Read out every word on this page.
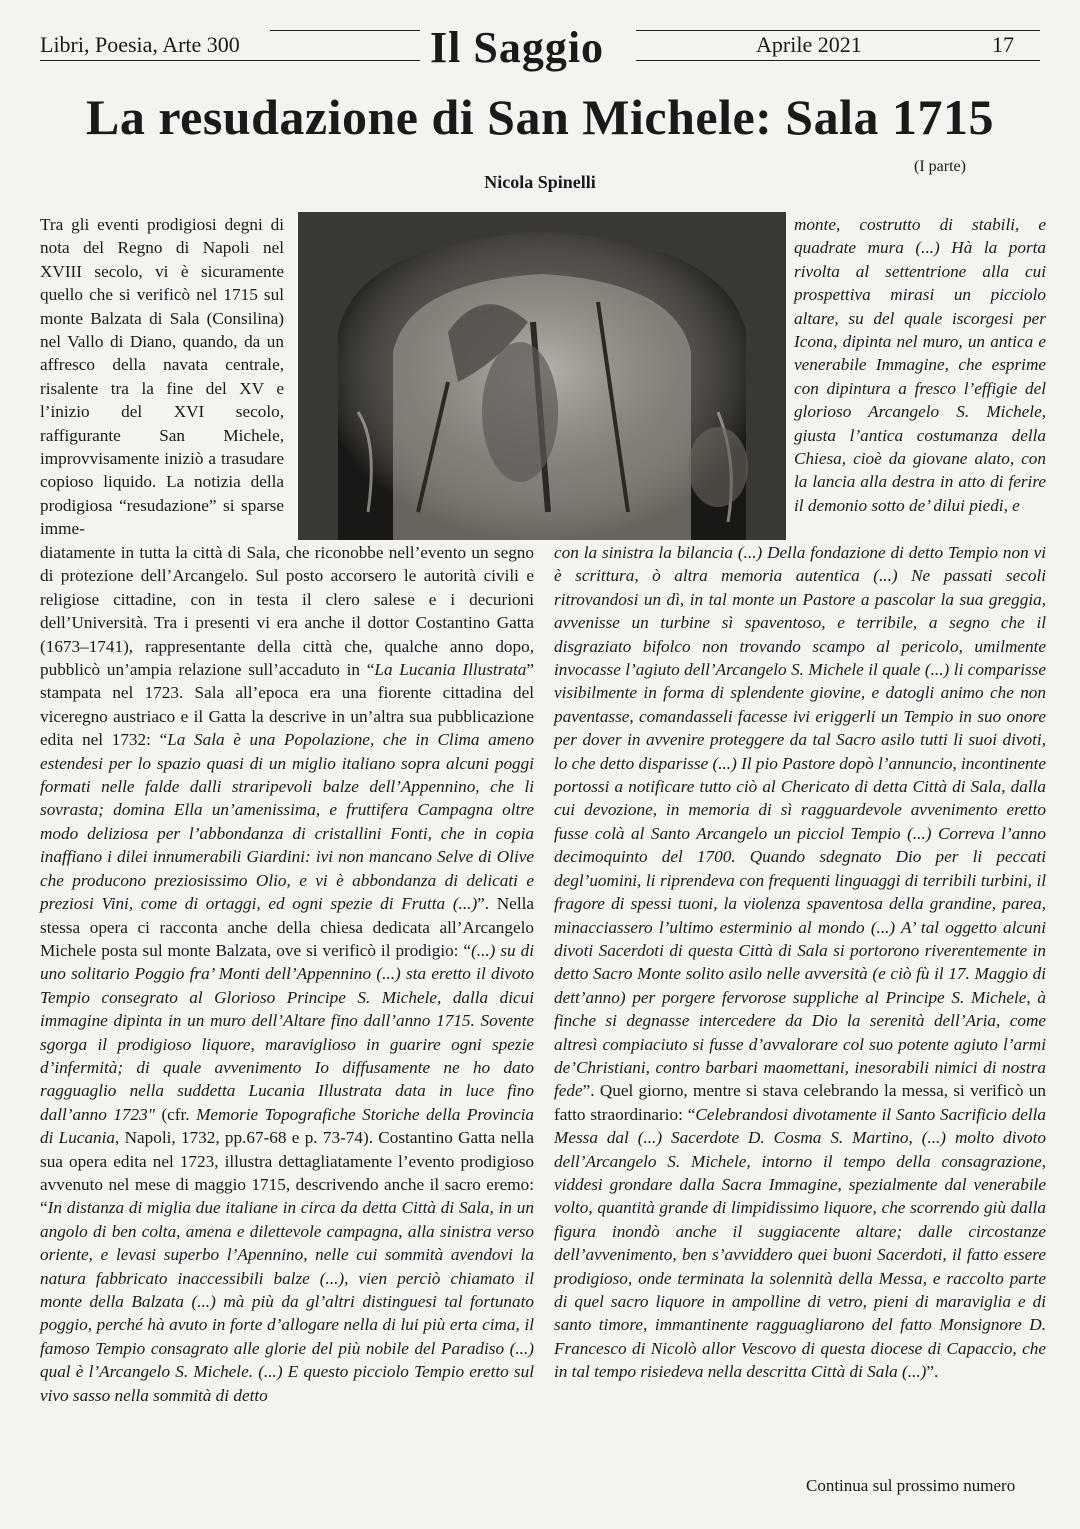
Libri, Poesia, Arte 300	Il Saggio	Aprile 2021	17
La resudazione di San Michele: Sala 1715
(I parte)
Nicola Spinelli

Tra gli eventi prodigiosi degni di nota del Regno di Napoli nel XVIII secolo, vi è sicuramente quello che si verificò nel 1715 sul monte Balzata di Sala (Consilina) nel Vallo di Diano, quando, da un affresco della navata centrale, risalente tra la fine del XV e l’inizio del XVI secolo, raffigurante San Michele, improvvisamente iniziò a trasudare copioso liquido. La notizia della prodigiosa “resudazione” si sparse imme-

monte, costrutto di stabili, e quadrate mura (...) Hà la porta rivolta al settentrione alla cui prospettiva mirasi un picciolo altare, su del quale iscorgesi per Icona, dipinta nel muro, un antica e venerabile Immagine, che esprime con dipintura a fresco l’effigie del glorioso Arcangelo S. Michele, giusta l’antica costumanza della Chiesa, cioè da giovane alato, con la lancia alla destra in atto di ferire il demonio sotto de’ dilui piedi, e

diatamente in tutta la città di Sala, che riconobbe nell’evento un segno di protezione dell’Arcangelo. Sul posto accorsero le autorità civili e religiose cittadine, con in testa il clero salese e i decurioni dell’Università. Tra i presenti vi era anche il dottor Costantino Gatta (1673–1741), rappresentante della città che, qualche anno dopo, pubblicò un’ampia relazione sull’accaduto in “La Lucania Illustrata” stampata nel 1723. Sala all’epoca era una fiorente cittadina del viceregno austriaco e il Gatta la descrive in un’altra sua pubblicazione edita nel 1732: “La Sala è una Popolazione, che in Clima ameno estendesi per lo spazio quasi di un miglio italiano sopra alcuni poggi formati nelle falde dalli straripevoli balze dell’Appennino, che li sovrasta; domina Ella un’amenissima, e fruttifera Campagna oltre modo deliziosa per l’abbondanza di cristallini Fonti, che in copia inaffiano i dilei innumerabili Giardini: ivi non mancano Selve di Olive che producono preziosissimo Olio, e vi è abbondanza di delicati e preziosi Vini, come di ortaggi, ed ogni spezie di Frutta (...)”. Nella stessa opera ci racconta anche della chiesa dedicata all’Arcangelo Michele posta sul monte Balzata, ove si verificò il prodigio: “(...) su di uno solitario Poggio fra’ Monti dell’Appennino (...) sta eretto il divoto Tempio consegrato al Glorioso Principe S. Michele, dalla dicui immagine dipinta in un muro dell’Altare fino dall’anno 1715. Sovente sgorga il prodigioso liquore, maraviglioso in guarire ogni spezie d’infermità; di quale avvenimento Io diffusamente ne ho dato ragguaglio nella suddetta Lucania Illustrata data in luce fino dall’anno 1723" (cfr. Memorie Topografiche Storiche della Provincia di Lucania, Napoli, 1732, pp.67-68 e p. 73-74). Costantino Gatta nella sua opera edita nel 1723, illustra dettagliatamente l’evento prodigioso avvenuto nel mese di maggio 1715, descrivendo anche il sacro eremo: “In distanza di miglia due italiane in circa da detta Città di Sala, in un angolo di ben colta, amena e dilettevole campagna, alla sinistra verso oriente, e levasi superbo l’Apennino, nelle cui sommità avendovi la natura fabbricato inaccessibili balze (...), vien perciò chiamato il monte della Balzata (...) mà più da gl’altri distinguesi tal fortunato poggio, perché hà avuto in forte d’allogare nella di lui più erta cima, il famoso Tempio consagrato alle glorie del più nobile del Paradiso (...) qual è l’Arcangelo S. Michele. (...) E questo picciolo Tempio eretto sul vivo sasso nella sommità di detto

con la sinistra la bilancia (...) Della fondazione di detto Tempio non vi è scrittura, ò altra memoria autentica (...) Ne passati secoli ritrovandosi un dì, in tal monte un Pastore a pascolar la sua greggia, avvenisse un turbine sì spaventoso, e terribile, a segno che il disgraziato bifolco non trovando scampo al pericolo, umilmente invocasse l’agiuto dell’Arcangelo S. Michele il quale (...) li comparisse visibilmente in forma di splendente giovine, e datogli animo che non paventasse, comandasseli facesse ivi eriggerli un Tempio in suo onore per dover in avvenire proteggere da tal Sacro asilo tutti li suoi divoti, lo che detto disparisse (...) Il pio Pastore dopò l’annuncio, incontinente portossi a notificare tutto ciò al Chericato di detta Città di Sala, dalla cui devozione, in memoria di sì ragguardevole avvenimento eretto fusse colà al Santo Arcangelo un picciol Tempio (...) Correva l’anno decimoquinto del 1700. Quando sdegnato Dio per li peccati degl’uomini, li riprendeva con frequenti linguaggi di terribili turbini, il fragore di spessi tuoni, la violenza spaventosa della grandine, parea, minacciassero l’ultimo esterminio al mondo (...) A’ tal oggetto alcuni divoti Sacerdoti di questa Città di Sala si portorono riverentemente in detto Sacro Monte solito asilo nelle avversità (e ciò fù il 17. Maggio di dett’anno) per porgere fervorose suppliche al Principe S. Michele, à finche si degnasse intercedere da Dio la serenità dell’Aria, come altresì compiaciuto si fusse d’avvalorare col suo potente agiuto l’armi de’Christiani, contro barbari maomettani, inesorabili nimici di nostra fede”. Quel giorno, mentre si stava celebrando la messa, si verificò un fatto straordinario: “Celebrandosi divotamente il Santo Sacrificio della Messa dal (...) Sacerdote D. Cosma S. Martino, (...) molto divoto dell’Arcangelo S. Michele, intorno il tempo della consagrazione, viddesi grondare dalla Sacra Immagine, spezialmente dal venerabile volto, quantità grande di limpidissimo liquore, che scorrendo giù dalla figura inondò anche il suggiacente altare; dalle circostanze dell’avvenimento, ben s’avviddero quei buoni Sacerdoti, il fatto essere prodigioso, onde terminata la solennità della Messa, e raccolto parte di quel sacro liquore in ampolline di vetro, pieni di maraviglia e di santo timore, immantinente ragguagliarono del fatto Monsignore D. Francesco di Nicolò allor Vescovo di questa diocese di Capaccio, che in tal tempo risiedeva nella descritta Città di Sala (...)”.

Continua sul prossimo numero
